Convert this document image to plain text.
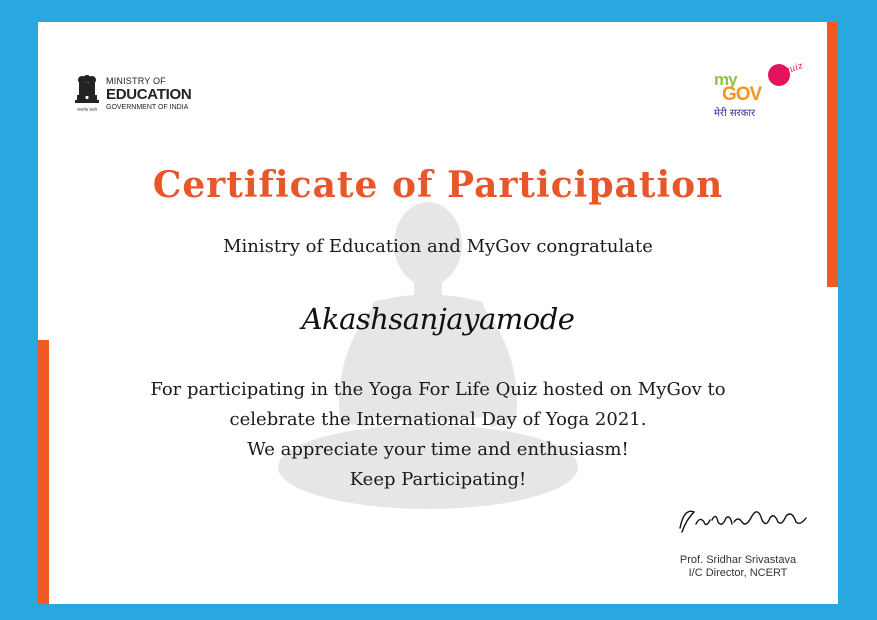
सत्यमेव जयते
MINISTRY OF
EDUCATION
GOVERNMENT OF INDIA
quiz
my
GOV
मेरी सरकार
Certificate of Participation
Ministry of Education and MyGov congratulate
Akashsanjayamode
For participating in the Yoga For Life Quiz hosted on MyGov to
celebrate the International Day of Yoga 2021.
We appreciate your time and enthusiasm!
Keep Participating!
Prof. Sridhar Srivastava
I/C Director, NCERT
